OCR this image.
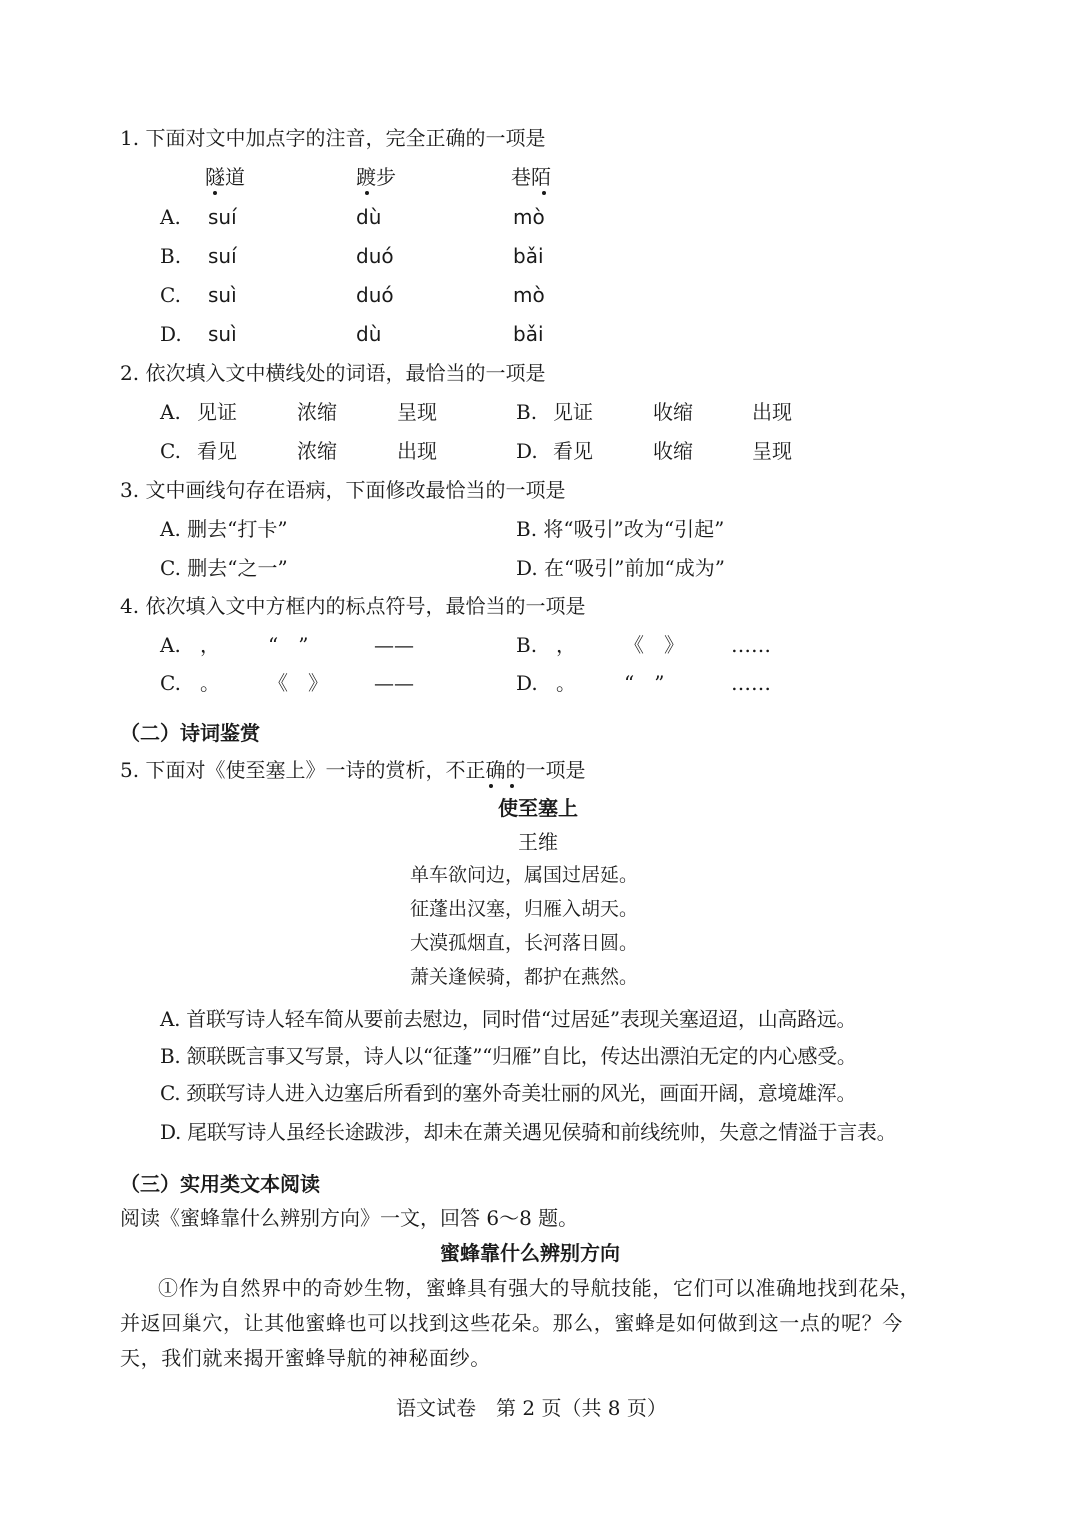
1. 下面对文中加点字的注音，完全正确的一项是
隧道	踱步	巷陌
A. suí	dù	mò
B. suí	duó	bǎi
C. suì	duó	mò
D. suì	dù	bǎi
2. 依次填入文中横线处的词语，最恰当的一项是
A. 见证	浓缩	呈现	B. 见证	收缩	出现
C. 看见	浓缩	出现	D. 看见	收缩	呈现
3. 文中画线句存在语病，下面修改最恰当的一项是
A. 删去“打卡”	B. 将“吸引”改为“引起”
C. 删去“之一”	D. 在“吸引”前加“成为”
4. 依次填入文中方框内的标点符号，最恰当的一项是
A. ， “　”	——	B. ， 《　》 ……
C. 。 《　》 ——	D. 。 “　”	……
（二）诗词鉴赏
5. 下面对《使至塞上》一诗的赏析，不正确的一项是
使至塞上
王维
单车欲问边，属国过居延。
征蓬出汉塞，归雁入胡天。
大漠孤烟直，长河落日圆。
萧关逢候骑，都护在燕然。
A. 首联写诗人轻车简从要前去慰边，同时借“过居延”表现关塞迢迢，山高路远。
B. 颔联既言事又写景，诗人以“征蓬”“归雁”自比，传达出漂泊无定的内心感受。
C. 颈联写诗人进入边塞后所看到的塞外奇美壮丽的风光，画面开阔，意境雄浑。
D. 尾联写诗人虽经长途跋涉，却未在萧关遇见侯骑和前线统帅，失意之情溢于言表。
（三）实用类文本阅读
阅读《蜜蜂靠什么辨别方向》一文，回答 6～8 题。
蜜蜂靠什么辨别方向
①作为自然界中的奇妙生物，蜜蜂具有强大的导航技能，它们可以准确地找到花朵，
并返回巢穴，让其他蜜蜂也可以找到这些花朵。那么，蜜蜂是如何做到这一点的呢？今
天，我们就来揭开蜜蜂导航的神秘面纱。
语文试卷　第 2 页（共 8 页）
